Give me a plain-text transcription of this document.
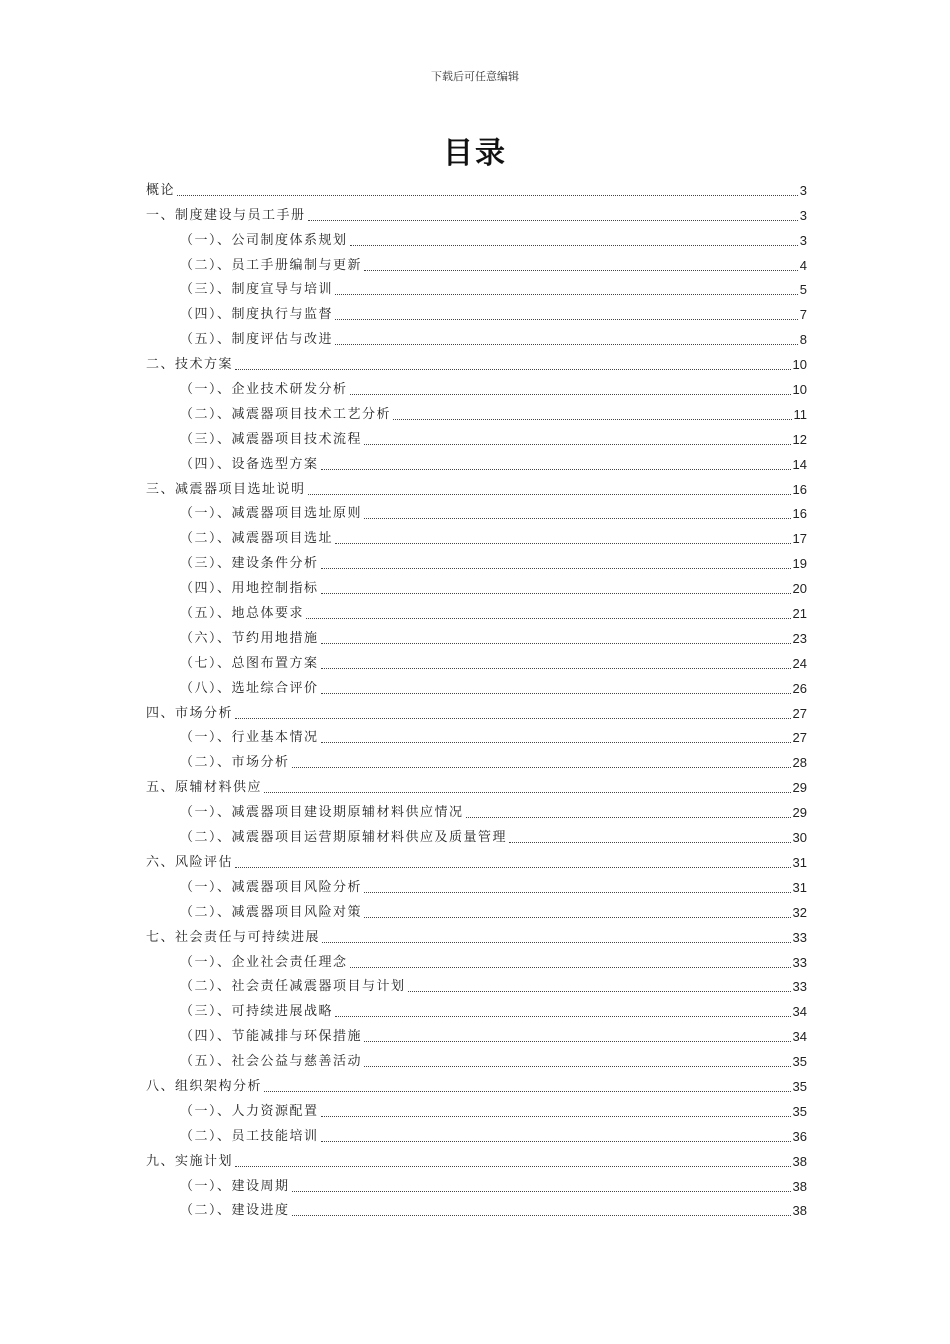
下载后可任意编辑
目录
概论	3
一、制度建设与员工手册	3
（一）、公司制度体系规划	3
（二）、员工手册编制与更新	4
（三）、制度宣导与培训	5
（四）、制度执行与监督	7
（五）、制度评估与改进	8
二、技术方案	10
（一）、企业技术研发分析	10
（二）、减震器项目技术工艺分析	11
（三）、减震器项目技术流程	12
（四）、设备选型方案	14
三、减震器项目选址说明	16
（一）、减震器项目选址原则	16
（二）、减震器项目选址	17
（三）、建设条件分析	19
（四）、用地控制指标	20
（五）、地总体要求	21
（六）、节约用地措施	23
（七）、总图布置方案	24
（八）、选址综合评价	26
四、市场分析	27
（一）、行业基本情况	27
（二）、市场分析	28
五、原辅材料供应	29
（一）、减震器项目建设期原辅材料供应情况	29
（二）、减震器项目运营期原辅材料供应及质量管理	30
六、风险评估	31
（一）、减震器项目风险分析	31
（二）、减震器项目风险对策	32
七、社会责任与可持续进展	33
（一）、企业社会责任理念	33
（二）、社会责任减震器项目与计划	33
（三）、可持续进展战略	34
（四）、节能减排与环保措施	34
（五）、社会公益与慈善活动	35
八、组织架构分析	35
（一）、人力资源配置	35
（二）、员工技能培训	36
九、实施计划	38
（一）、建设周期	38
（二）、建设进度	38
